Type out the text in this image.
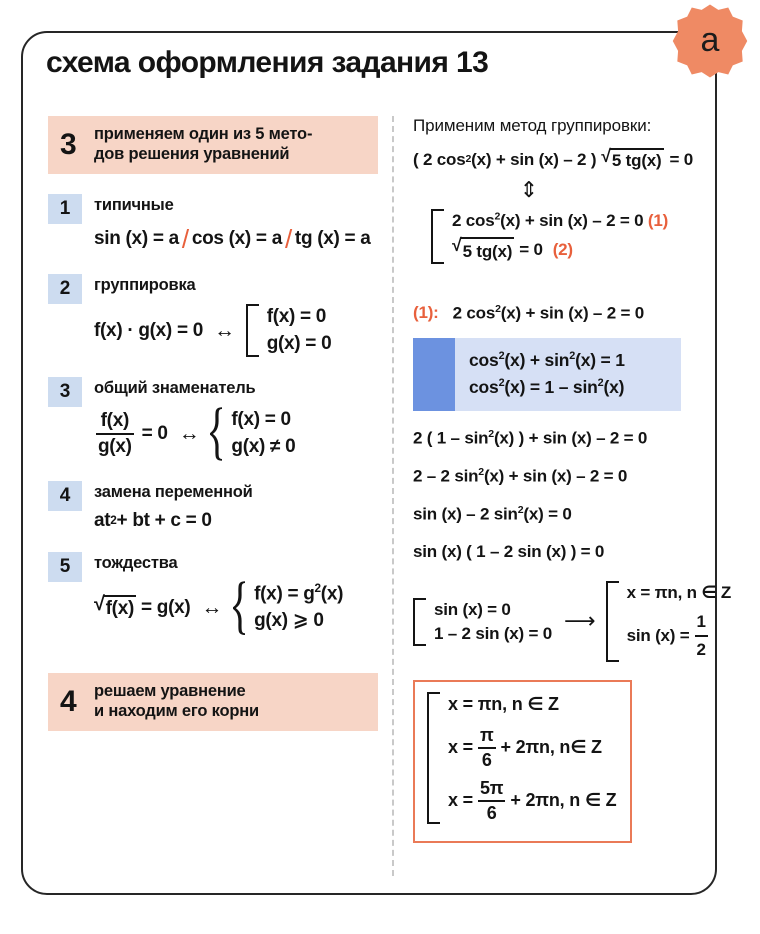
a
схема оформления задания 13
3	применяем один из 5 мето-
дов решения уравнений
1	типичные
sin (x) = a / cos (x) = a / tg (x) = a
2	группировка
f(x) · g(x) = 0 ↔
f(x) = 0
g(x) = 0
3	общий знаменатель
$\frac{f(x)}{g(x)} = 0$ ↔
f(x) = 0
g(x) ≠ 0
4	замена переменной
at 2 + bt + c = 0
5	тождества
√ f(x) = g(x) ↔
$f(x) = g^2(x)$
g(x) ⩾ 0
4	решаем уравнение
и находим его корни
Применим метод группировки:
( 2 cos 2 (x) + sin (x) – 2 ) √ 5 tg(x) = 0
⇕
2 $\cos^2(x) + \sin (x) - 2 = 0$ (1)
√ 5 tg(x) = 0 (2)
(1): 2 $\cos^2(x) + \sin (x) - 2 = 0$
$\cos^2(x) + \sin^2(x) = 1$
$\cos^2(x) = 1 - \sin^2(x)$
2 ( $1 - \sin^2(x)$ ) + sin (x) – 2 = 0
2 – 2 $\sin^2(x) + \sin (x) - 2 = 0$
sin (x) – 2 $\sin^2(x) = 0$
sin (x) ( 1 – 2 sin (x) ) = 0
sin (x) = 0
1 – 2 sin (x) = 0 ⟶
x = πn, n ∈ Z
$\sin (x) = \frac{1}{2}$
x = πn, n ∈ Z
$x = \frac{\pi}{6} + 2\pi n$, n∈ Z
$x = \frac{5\pi}{6} + 2\pi n$, n ∈ Z
